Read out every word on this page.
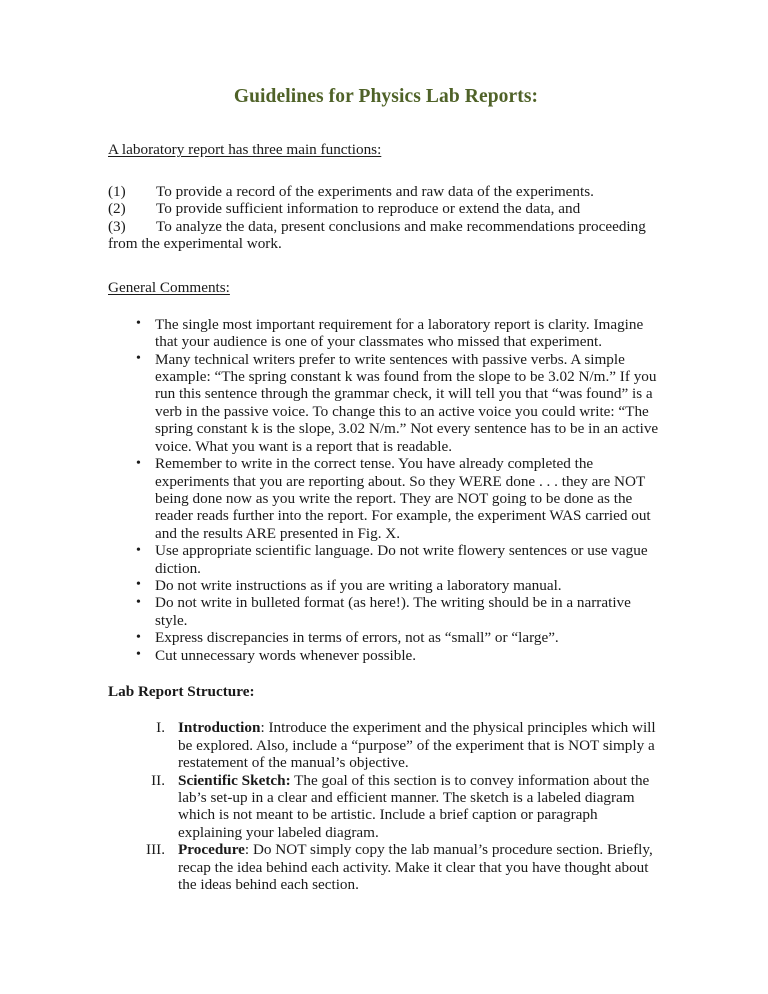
Guidelines for Physics Lab Reports:
A laboratory report has three main functions:
(1) To provide a record of the experiments and raw data of the experiments.
(2) To provide sufficient information to reproduce or extend the data, and
(3) To analyze the data, present conclusions and make recommendations proceeding
from the experimental work.
General Comments:
• The single most important requirement for a laboratory report is clarity. Imagine that your audience is one of your classmates who missed that experiment.
• Many technical writers prefer to write sentences with passive verbs. A simple example: “The spring constant k was found from the slope to be 3.02 N/m.” If you run this sentence through the grammar check, it will tell you that “was found” is a verb in the passive voice. To change this to an active voice you could write: “The spring constant k is the slope, 3.02 N/m.” Not every sentence has to be in an active voice. What you want is a report that is readable.
• Remember to write in the correct tense. You have already completed the experiments that you are reporting about. So they WERE done . . . they are NOT being done now as you write the report. They are NOT going to be done as the reader reads further into the report. For example, the experiment WAS carried out and the results ARE presented in Fig. X.
• Use appropriate scientific language. Do not write flowery sentences or use vague diction.
• Do not write instructions as if you are writing a laboratory manual.
• Do not write in bulleted format (as here!). The writing should be in a narrative style.
• Express discrepancies in terms of errors, not as “small” or “large”.
• Cut unnecessary words whenever possible.
Lab Report Structure:
I. Introduction: Introduce the experiment and the physical principles which will be explored. Also, include a “purpose” of the experiment that is NOT simply a restatement of the manual’s objective.
II. Scientific Sketch: The goal of this section is to convey information about the lab’s set-up in a clear and efficient manner. The sketch is a labeled diagram which is not meant to be artistic. Include a brief caption or paragraph explaining your labeled diagram.
III. Procedure: Do NOT simply copy the lab manual’s procedure section. Briefly, recap the idea behind each activity. Make it clear that you have thought about the ideas behind each section.
